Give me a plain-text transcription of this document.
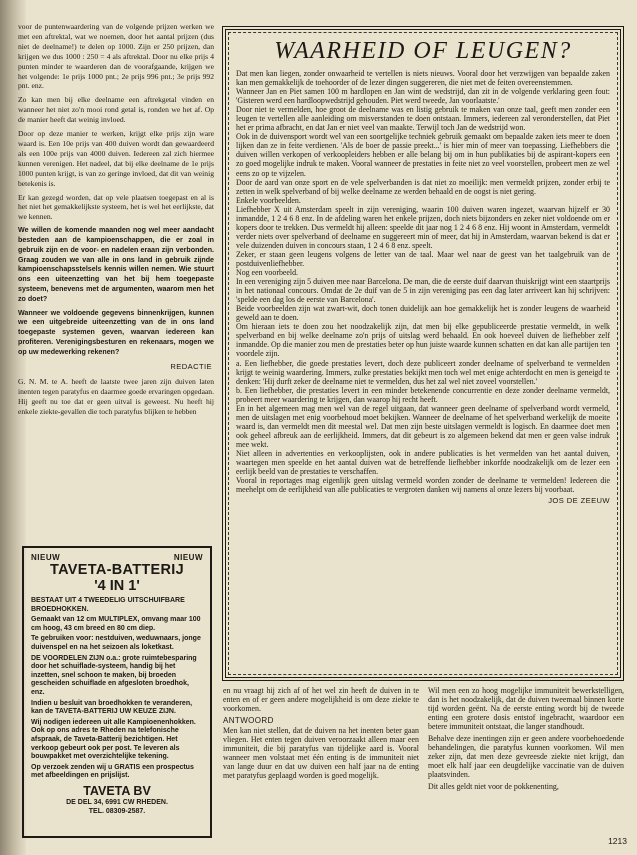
voor de puntenwaardering van de volgende prijzen werken we met een aftrektal, wat we noemen, door het aantal prijzen (dus niet de deelname!) te delen op 1000. Zijn er 250 prijzen, dan krijgen we dus 1000 : 250 = 4 als aftrektal. Door nu elke prijs 4 punten minder te waarderen dan de voorafgaande, krijgen we het volgende: 1e prijs 1000 pnt.; 2e prijs 996 pnt.; 3e prijs 992 pnt. enz.

Zo kan men bij elke deelname een aftrekgetal vinden en wanneer het niet zo'n mooi rond getal is, ronden we het af. Op de manier heeft dat weinig invloed.

Door op deze manier te werken, krijgt elke prijs zijn ware waard is. Een 10e prijs van 400 duiven wordt dan gewaardeerd als een 100e prijs van 4000 duiven. Iedereen zal zich hiermee kunnen verenigen. Het nadeel, dat bij elke deelname de 1e prijs 1000 punten krijgt, is van zo geringe invloed, dat dit van weinig betekenis is.

Er kan gezegd worden, dat op vele plaatsen toegepast en al is het niet het gemakkelijkste systeem, het is wel het eerlijkste, dat we kennen.

We willen de komende maanden nog wel meer aandacht besteden aan de kampioenschappen, die er zoal in gebruik zijn en de voor- en nadelen eraan zijn verbonden. Graag zouden we van alle in ons land in gebruik zijnde kampioenschapsstelsels kennis willen nemen. Wie stuurt ons een uiteenzetting van het bij hem toegepaste systeem, benevens met de argumenten, waarom men het zo doet?

Wanneer we voldoende gegevens binnenkrijgen, kunnen we een uitgebreide uiteenzetting van de in ons land toegepaste systemen geven, waarvan iedereen kan profiteren. Verenigingsbesturen en rekenaars, mogen we op uw medewerking rekenen?

REDACTIE

G. N. M. te A. heeft de laatste twee jaren zijn duiven laten inenten tegen paratyfus en daarmee goede ervaringen opgedaan. Hij geeft nu toe dat er geen uitval is geweest. Nu heeft hij enkele ziekte-gevallen die toch paratyfus blijken te hebben

NIEUW	NIEUW
TAVETA-BATTERIJ
'4 IN 1'

BESTAAT UIT 4 TWEEDELIG UITSCHUIFBARE BROEDHOKKEN.

Gemaakt van 12 cm MULTIPLEX, omvang maar 100 cm hoog, 43 cm breed en 80 cm diep.

Te gebruiken voor: nestduiven, weduwnaars, jonge duivenspel en na het seizoen als loketkast.

DE VOORDELEN ZIJN o.a.: grote ruimtebesparing door het schuiflade-systeem, handig bij het inzetten, snel schoon te maken, bij broeden gescheiden schuiflade en afgesloten broedhok, enz.

Indien u besluit van broedhokken te veranderen, kan de TAVETA-BATTERIJ UW KEUZE ZIJN.

Wij nodigen iedereen uit alle Kampioenenhokken. Ook op ons adres te Rheden na telefonische afspraak, de Taveta-Batterij bezichtigen. Het verkoop gebeurt ook per post. Te leveren als bouwpakket met overzichtelijke tekening.

Op verzoek zenden wij u GRATIS een prospectus met afbeeldingen en prijslijst.

TAVETA BV
DE DEL 34, 6991 CW RHEDEN.
TEL. 08309-2587.
WAARHEID OF LEUGEN?

Dat men kan liegen, zonder onwaarheid te vertellen is niets nieuws. Vooral door het verzwijgen van bepaalde zaken kan men gemakkelijk de toehoorder of de lezer dingen suggereren, die niet met de feiten overeenstemmen.

Wanneer Jan en Piet samen 100 m hardlopen en Jan wint de wedstrijd, dan zit in de volgende verklaring geen fout: 'Gisteren werd een hardloopwedstrijd gehouden. Piet werd tweede, Jan voorlaatste.'

Door niet te vermelden, hoe groot de deelname was en listig gebruik te maken van onze taal, geeft men zonder een leugen te vertellen alle aanleiding om misverstanden te doen ontstaan. Immers, iedereen zal veronderstellen, dat Piet het er prima afbracht, en dat Jan er niet veel van maakte. Terwijl toch Jan de wedstrijd won.

Ook in de duivensport wordt wel van een soortgelijke techniek gebruik gemaakt om bepaalde zaken iets meer te doen lijken dan ze in feite verdienen. 'Als de boer de passie preekt...' is hier min of meer van toepassing. Liefhebbers die duiven willen verkopen of verkoopleiders hebben er alle belang bij om in hun publikaties bij de aspirant-kopers een zo goed mogelijke indruk te maken. Vooral wanneer de prestaties in feite niet zo veel voorstellen, probeert men ze wel eens zo op te vijzelen.

Door de aard van onze sport en de vele spelverbanden is dat niet zo moeilijk: men vermeldt prijzen, zonder erbij te zetten in welk spelverband of bij welke deelname ze werden behaald en de oogst is niet gering.

Enkele voorbeelden.

Liefhebber X uit Amsterdam speelt in zijn vereniging, waarin 100 duiven waren ingezet, waarvan hijzelf er 30 inmandde, 1 2 4 6 8 enz. In de afdeling waren het enkele prijzen, doch niets bijzonders en zeker niet voldoende om er kopers door te trekken. Dus vermeldt hij alleen: speelde dit jaar nog 1 2 4 6 8 enz. Hij woont in Amsterdam, vermeldt verder niets over spelverband of deelname en suggereert min of meer, dat hij in Amsterdam, waarvan bekend is dat er vele duizenden duiven in concours staan, 1 2 4 6 8 enz. speelt.

Zeker, er staan geen leugens volgens de letter van de taal. Maar wel naar de geest van het taalgebruik van de postduivenliefhebber.

Nog een voorbeeld.

In een vereniging zijn 5 duiven mee naar Barcelona. De man, die de eerste duif daarvan thuiskrijgt wint een staartprijs in het nationaal concours. Omdat de 2e duif van de 5 in zijn vereniging pas een dag later arriveert kan hij schrijven: 'spelde een dag los de eerste van Barcelona'.

Beide voorbeelden zijn wat zwart-wit, doch tonen duidelijk aan hoe gemakkelijk het is zonder leugens de waarheid geweld aan te doen.

Om hieraan iets te doen zou het noodzakelijk zijn, dat men bij elke gepubliceerde prestatie vermeldt, in welk spelverband en bij welke deelname zo'n prijs of uitslag werd behaald. En ook hoeveel duiven de liefhebber zelf inmandde. Op die manier zou men de prestaties beter op hun juiste waarde kunnen schatten en dat kan alle partijen ten voordele zijn.

a. Een liefhebber, die goede prestaties levert, doch deze publiceert zonder deelname of spelverband te vermelden krijgt te weinig waardering. Immers, zulke prestaties bekijkt men toch wel met enige achterdocht en men is geneigd te denken: 'Hij durft zeker de deelname niet te vermelden, dus het zal wel niet zoveel voorstellen.'

b. Een liefhebber, die prestaties levert in een minder betekenende concurrentie en deze zonder deelname vermeldt, probeert meer waardering te krijgen, dan waarop hij recht heeft.

En in het algemeen mag men wel van de regel uitgaan, dat wanneer geen deelname of spelverband wordt vermeld, men de uitslagen met enig voorbehoud moet bekijken. Wanneer de deelname of het spelverband werkelijk de moeite waard is, dan vermeldt men dit meestal wel. Dat men zijn beste uitslagen vermeldt is logisch. En daarmee doet men ook geheel afbreuk aan de eerlijkheid. Immers, dat dit gebeurt is zo algemeen bekend dat men er geen valse indruk mee wekt.

Niet alleen in advertenties en verkooplijsten, ook in andere publicaties is het vermelden van het aantal duiven, waartegen men speelde en het aantal duiven wat de betreffende liefhebber inkorfde noodzakelijk om de lezer een eerlijk beeld van de prestaties te verschaffen.

Vooral in reportages mag eigenlijk geen uitslag vermeld worden zonder de deelname te vermelden! Iedereen die meehelpt om de eerlijkheid van alle publicaties te vergroten danken wij namens al onze lezers bij voorbaat.

JOS DE ZEEUW

en nu vraagt hij zich af of het wel zin heeft de duiven in te enten en of er geen andere mogelijkheid is om deze ziekte te voorkomen.

ANTWOORD

Men kan niet stellen, dat de duiven na het inenten beter gaan vliegen. Het enten tegen duiven veroorzaakt alleen maar een immuniteit, die bij paratyfus van tijdelijke aard is. Vooral wanneer men volstaat met één enting is de immuniteit niet van lange duur en dat uw duiven een half jaar na de enting met paratyfus geplaagd worden is goed mogelijk.

Wil men een zo hoog mogelijke immuniteit bewerkstelligen, dan is het noodzakelijk, dat de duiven tweemaal binnen korte tijd worden geënt. Na de eerste enting wordt bij de tweede enting een grotere dosis entstof ingebracht, waardoor een betere immuniteit ontstaat, die langer standhoudt.

Behalve deze inentingen zijn er geen andere voorbehoedende behandelingen, die paratyfus kunnen voorkomen. Wil men zeker zijn, dat men deze gevreesde ziekte niet krijgt, dan moet elk half jaar een deugdelijke vaccinatie van de duiven plaatsvinden.

Dit alles geldt niet voor de pokkenenting,

1213
